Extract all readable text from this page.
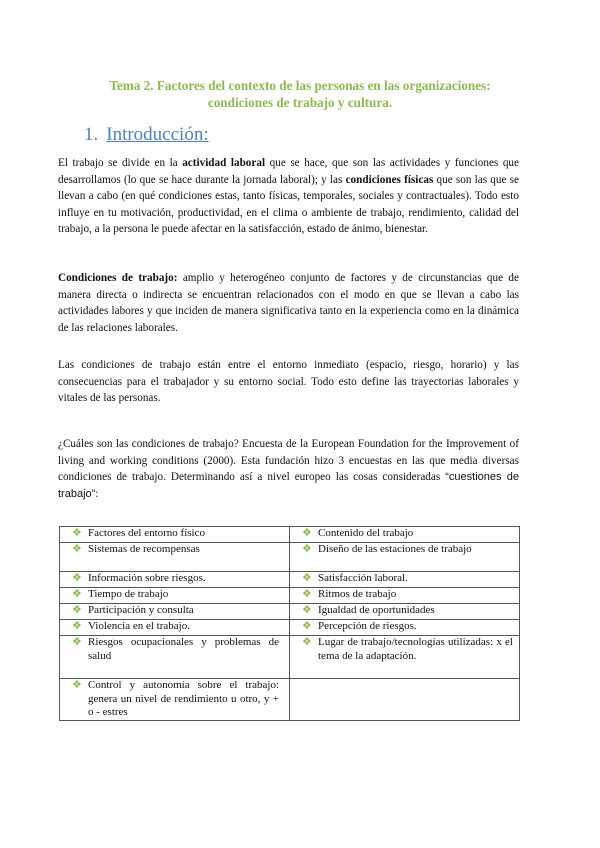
Tema 2. Factores del contexto de las personas en las organizaciones:
condiciones de trabajo y cultura.
1. Introducción:

El trabajo se divide en la actividad laboral que se hace, que son las actividades y funciones que desarrollamos (lo que se hace durante la jornada laboral); y las condiciones físicas que son las que se llevan a cabo (en qué condiciones estas, tanto físicas, temporales, sociales y contractuales). Todo esto influye en tu motivación, productividad, en el clima o ambiente de trabajo, rendimiento, calidad del trabajo, a la persona le puede afectar en la satisfacción, estado de ánimo, bienestar.

Condiciones de trabajo: amplio y heterogéneo conjunto de factores y de circunstancias que de manera directa o indirecta se encuentran relacionados con el modo en que se llevan a cabo las actividades labores y que inciden de manera significativa tanto en la experiencia como en la dinámica de las relaciones laborales.

Las condiciones de trabajo están entre el entorno inmediato (espacio, riesgo, horario) y las consecuencias para el trabajador y su entorno social. Todo esto define las trayectorias laborales y vitales de las personas.

¿Cuáles son las condiciones de trabajo? Encuesta de la European Foundation for the Improvement of living and working conditions (2000). Esta fundación hizo 3 encuestas en las que media diversas condiciones de trabajo. Determinando así a nivel europeo las cosas consideradas “cuestiones de trabajo”:

❖ Factores del entorno físico	❖ Contenido del trabajo

❖ Sistemas de recompensas	❖ Diseño de las estaciones de trabajo

❖ Información sobre riesgos.	❖ Satisfacción laboral.

❖ Tiempo de trabajo	❖ Ritmos de trabajo

❖ Participación y consulta	❖ Igualdad de oportunidades

❖ Violencia en el trabajo.	❖ Percepción de riesgos.

❖ Riesgos ocupacionales y problemas de salud	❖ Lugar de trabajo/tecnologías utilizadas: x el tema de la adaptación.

❖ Control y autonomía sobre el trabajo: genera un nivel de rendimiento u otro, y + o - estres	
